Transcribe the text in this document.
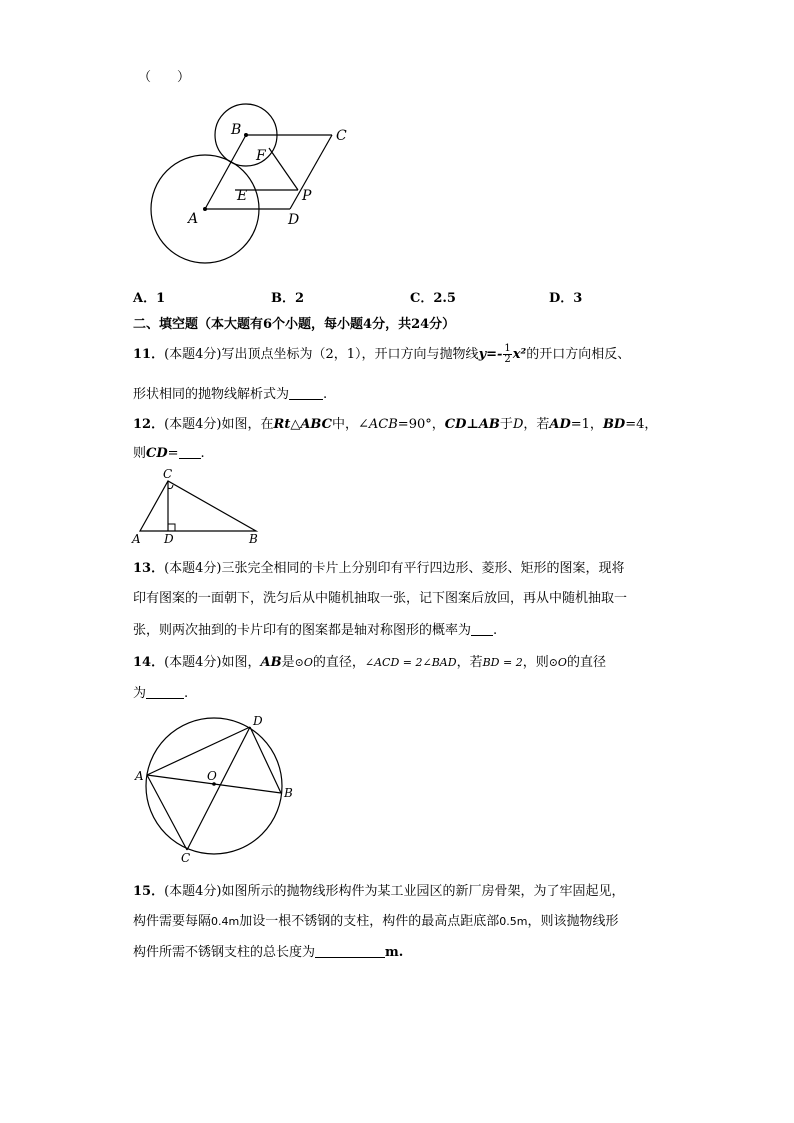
（　　）
B	C
F
E	P
A	D
A．1	B．2	C．2.5	D．3
二、填空题（本大题有6个小题，每小题4分，共24分）
11．(本题4分)写出顶点坐标为（2，1），开口方向与抛物线$y=- \frac{1}{2} x^2$的开口方向相反、
形状相同的抛物线解析式为	.
12．(本题4分)如图，在Rt△ABC中，∠ACB=90°，CD⊥AB于D，若AD=1，BD=4，
则CD= .
C
A D	B
13．(本题4分)三张完全相同的卡片上分别印有平行四边形、菱形、矩形的图案，现将
印有图案的一面朝下，洗匀后从中随机抽取一张，记下图案后放回，再从中随机抽取一
张，则两次抽到的卡片印有的图案都是轴对称图形的概率为 .
14．(本题4分)如图，AB是⊙O的直径，∠ACD = 2∠BAD，若BD = 2，则⊙O的直径
为	.
D
A	O
B
C
15．(本题4分)如图所示的抛物线形构件为某工业园区的新厂房骨架，为了牢固起见，
构件需要每隔0.4m加设一根不锈钢的支柱，构件的最高点距底部0.5m，则该抛物线形
构件所需不锈钢支柱的总长度为	m.
